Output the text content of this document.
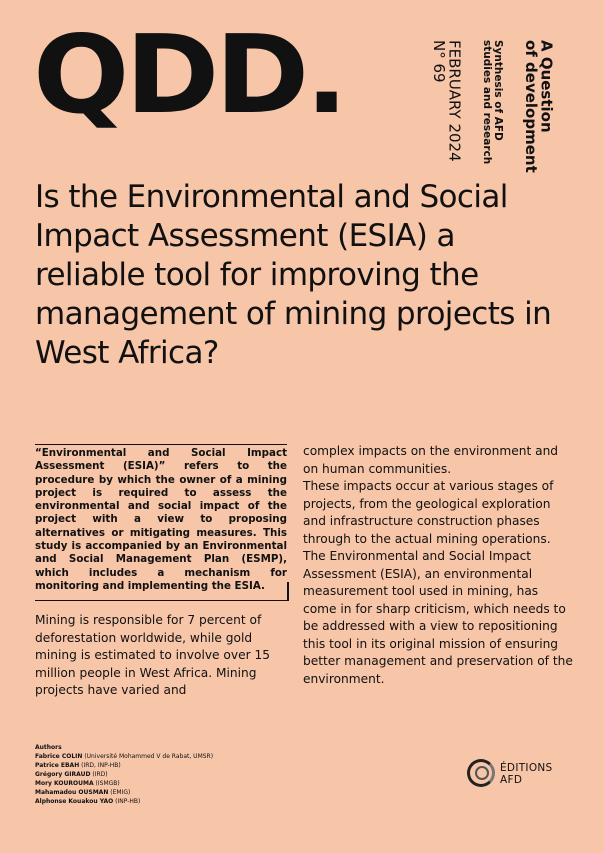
QDD.	A Question
of development
Synthesis of AFD
studies and research
FEBRUARY 2024
N° 69
Is the Environmental and Social Impact Assessment (ESIA) a reliable tool for improving the management of mining projects in West Africa?
“Environmental and Social Impact Assessment (ESIA)” refers to the procedure by which the owner of a mining project is required to assess the environmental and social impact of the project with a view to proposing alternatives or mitigating measures. This study is accompanied by an Environmental and Social Management Plan (ESMP), which includes a mechanism for monitoring and implementing the ESIA.
Mining is responsible for 7 percent of deforestation worldwide, while gold mining is estimated to involve over 15 million people in West Africa. Mining projects have varied and
complex impacts on the environment and on human communities.
These impacts occur at various stages of projects, from the geological exploration and infrastructure construction phases through to the actual mining operations. The Environmental and Social Impact Assessment (ESIA), an environmental measurement tool used in mining, has come in for sharp criticism, which needs to be addressed with a view to repositioning this tool in its original mission of ensuring better management and preservation of the environment.
Authors
Fabrice COLIN (Université Mohammed V de Rabat, UMSR)
Patrice EBAH (IRD, INP-HB)
Grégory GIRAUD (IRD)
Mory KOUROUMA (ISMGB)
Mahamadou OUSMAN (EMIG)
Alphonse Kouakou YAO (INP-HB)
ÉDITIONS
AFD
